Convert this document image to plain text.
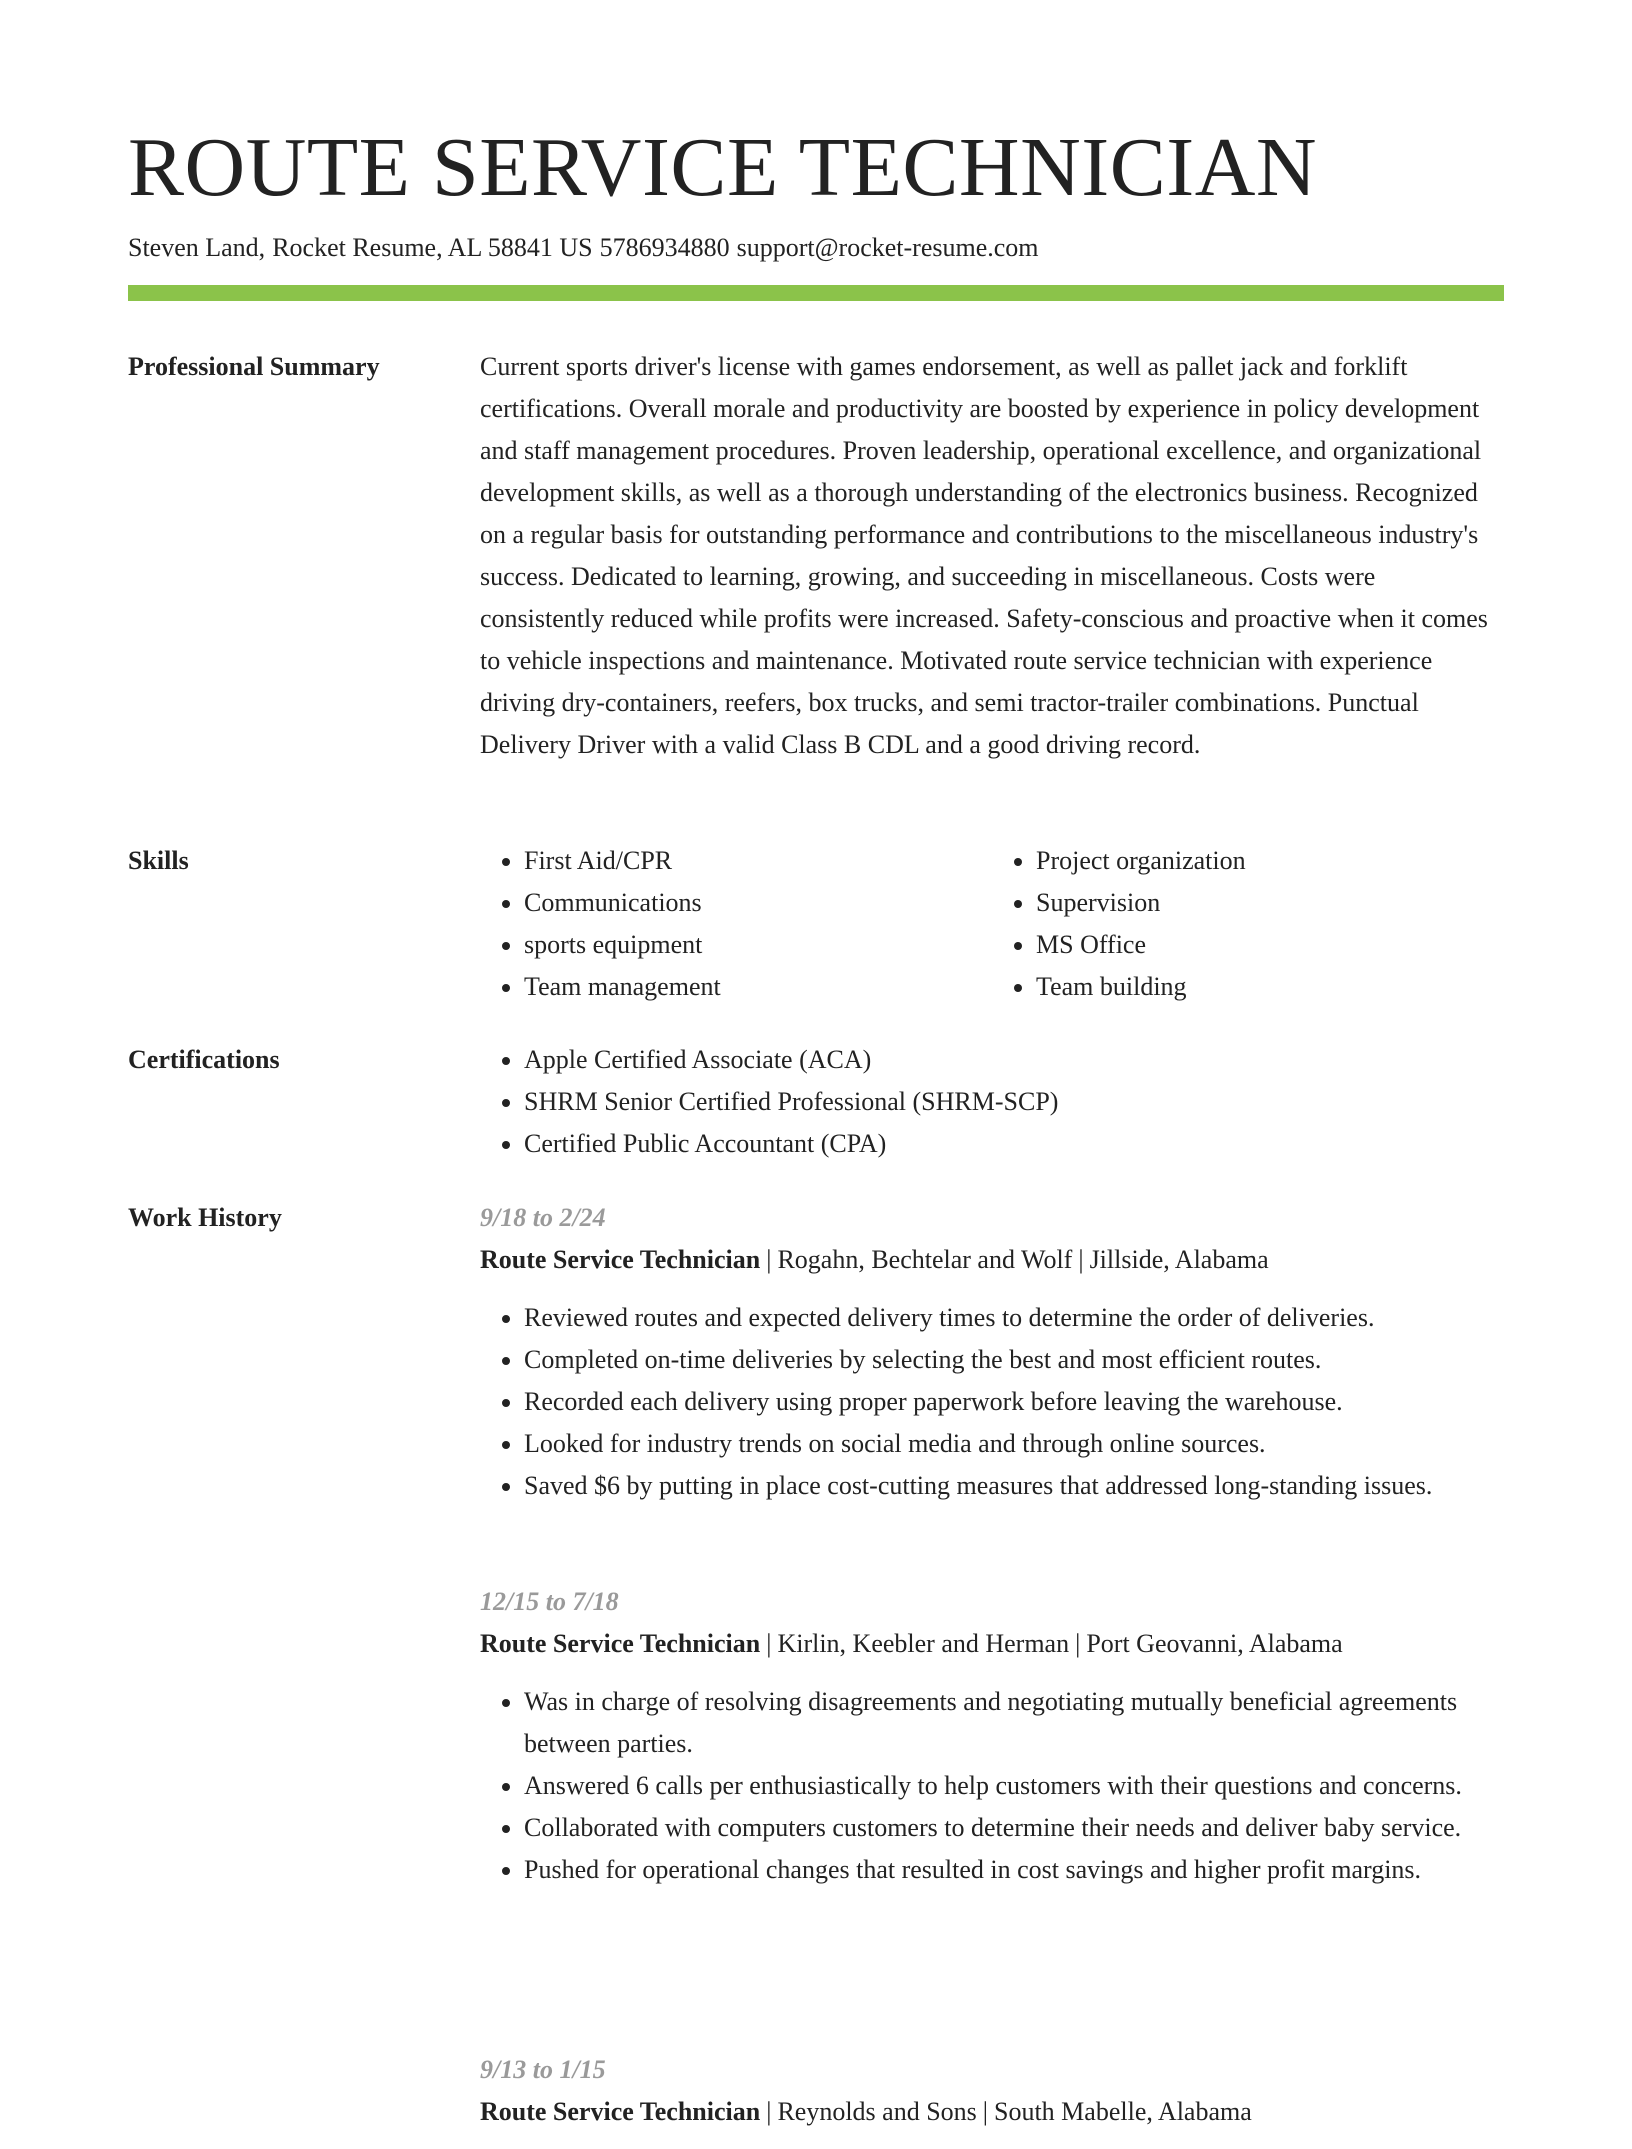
ROUTE SERVICE TECHNICIAN
Steven Land, Rocket Resume, AL 58841 US 5786934880 support@rocket-resume.com
Professional Summary	Current sports driver's license with games endorsement, as well as pallet jack and forklift certifications. Overall morale and productivity are boosted by experience in policy development and staff management procedures. Proven leadership, operational excellence, and organizational development skills, as well as a thorough understanding of the electronics business. Recognized on a regular basis for outstanding performance and contributions to the miscellaneous industry's success. Dedicated to learning, growing, and succeeding in miscellaneous. Costs were consistently reduced while profits were increased. Safety-conscious and proactive when it comes to vehicle inspections and maintenance. Motivated route service technician with experience driving dry-containers, reefers, box trucks, and semi tractor-trailer combinations. Punctual Delivery Driver with a valid Class B CDL and a good driving record.

Skills	• First Aid/CPR
• Communications
• sports equipment
• Team management
• Project organization
• Supervision
• MS Office
• Team building
Certifications	• Apple Certified Associate (ACA)
• SHRM Senior Certified Professional (SHRM-SCP)
• Certified Public Accountant (CPA)
Work History	9/18 to 2/24
Route Service Technician | Rogahn, Bechtelar and Wolf | Jillside, Alabama
• Reviewed routes and expected delivery times to determine the order of deliveries.
• Completed on-time deliveries by selecting the best and most efficient routes.
• Recorded each delivery using proper paperwork before leaving the warehouse.
• Looked for industry trends on social media and through online sources.
• Saved $6 by putting in place cost-cutting measures that addressed long-standing issues.
12/15 to 7/18
Route Service Technician | Kirlin, Keebler and Herman | Port Geovanni, Alabama
• Was in charge of resolving disagreements and negotiating mutually beneficial agreements between parties.
• Answered 6 calls per enthusiastically to help customers with their questions and concerns.
• Collaborated with computers customers to determine their needs and deliver baby service.
• Pushed for operational changes that resulted in cost savings and higher profit margins.
9/13 to 1/15
Route Service Technician | Reynolds and Sons | South Mabelle, Alabama
